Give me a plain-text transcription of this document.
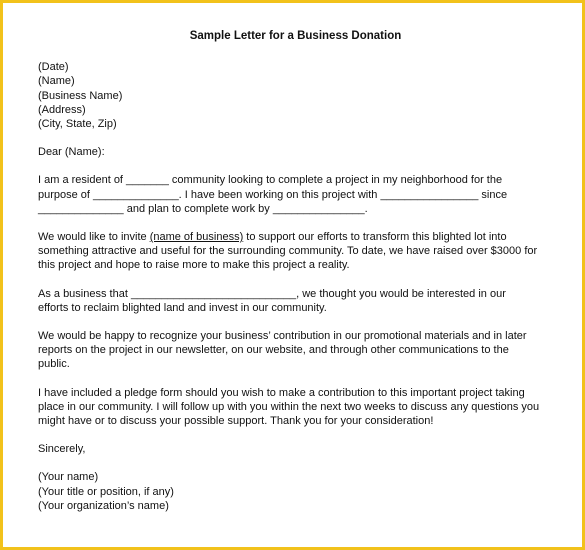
Sample Letter for a Business Donation
(Date)
(Name)
(Business Name)
(Address)
(City, State, Zip)
Dear (Name):
I am a resident of _______ community looking to complete a project in my neighborhood for the
purpose of ______________. I have been working on this project with ________________ since
______________ and plan to complete work by _______________.
We would like to invite (name of business) to support our efforts to transform this blighted lot into
something attractive and useful for the surrounding community. To date, we have raised over $3000 for
this project and hope to raise more to make this project a reality.
As a business that ___________________________, we thought you would be interested in our
efforts to reclaim blighted land and invest in our community.
We would be happy to recognize your business’ contribution in our promotional materials and in later
reports on the project in our newsletter, on our website, and through other communications to the
public.
I have included a pledge form should you wish to make a contribution to this important project taking
place in our community. I will follow up with you within the next two weeks to discuss any questions you
might have or to discuss your possible support. Thank you for your consideration!
Sincerely,
(Your name)
(Your title or position, if any)
(Your organization’s name)
